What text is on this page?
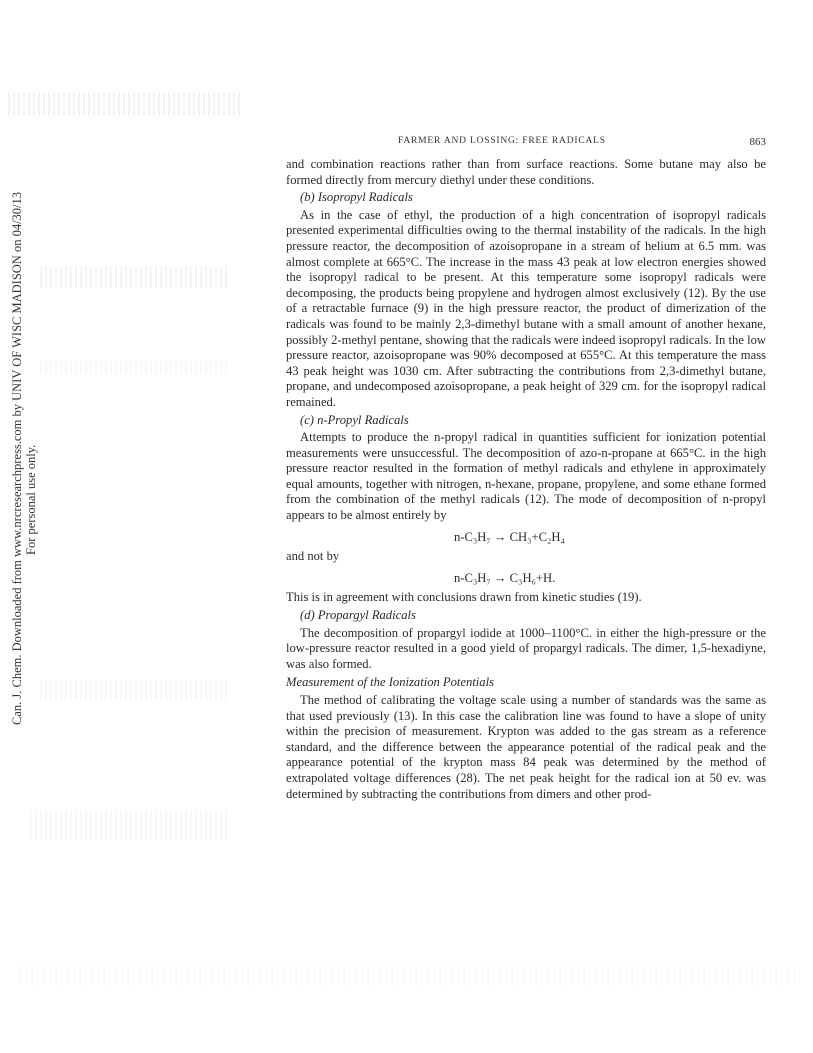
Can. J. Chem. Downloaded from www.nrcresearchpress.com by UNIV OF WISC MADISON on 04/30/13 For personal use only.
FARMER AND LOSSING: FREE RADICALS	863

and combination reactions rather than from surface reactions. Some butane may also be formed directly from mercury diethyl under these conditions.

(b) Isopropyl Radicals

As in the case of ethyl, the production of a high concentration of isopropyl radicals presented experimental difficulties owing to the thermal instability of the radicals. In the high pressure reactor, the decomposition of azoisopropane in a stream of helium at 6.5 mm. was almost complete at 665°C. The increase in the mass 43 peak at low electron energies showed the isopropyl radical to be present. At this temperature some isopropyl radicals were decomposing, the products being propylene and hydrogen almost exclusively (12). By the use of a retractable furnace (9) in the high pressure reactor, the product of dimerization of the radicals was found to be mainly 2,3-dimethyl butane with a small amount of another hexane, possibly 2-methyl pentane, showing that the radicals were indeed isopropyl radicals. In the low pressure reactor, azoisopropane was 90% decomposed at 655°C. At this temperature the mass 43 peak height was 1030 cm. After subtracting the contributions from 2,3-dimethyl butane, propane, and undecomposed azoisopropane, a peak height of 329 cm. for the isopropyl radical remained.

(c) n-Propyl Radicals

Attempts to produce the n-propyl radical in quantities sufficient for ionization potential measurements were unsuccessful. The decomposition of azo-n-propane at 665°C. in the high pressure reactor resulted in the formation of methyl radicals and ethylene in approximately equal amounts, together with nitrogen, n-hexane, propane, propylene, and some ethane formed from the combination of the methyl radicals (12). The mode of decomposition of n-propyl appears to be almost entirely by

n-C₃H₇ → CH₃+C₂H₄

and not by

n-C₃H₇ → C₃H₆+H.

This is in agreement with conclusions drawn from kinetic studies (19).

(d) Propargyl Radicals

The decomposition of propargyl iodide at 1000–1100°C. in either the high-pressure or the low-pressure reactor resulted in a good yield of propargyl radicals. The dimer, 1,5-hexadiyne, was also formed.

Measurement of the Ionization Potentials

The method of calibrating the voltage scale using a number of standards was the same as that used previously (13). In this case the calibration line was found to have a slope of unity within the precision of measurement. Krypton was added to the gas stream as a reference standard, and the difference between the appearance potential of the radical peak and the appearance potential of the krypton mass 84 peak was determined by the method of extrapolated voltage differences (28). The net peak height for the radical ion at 50 ev. was determined by subtracting the contributions from dimers and other prod-
